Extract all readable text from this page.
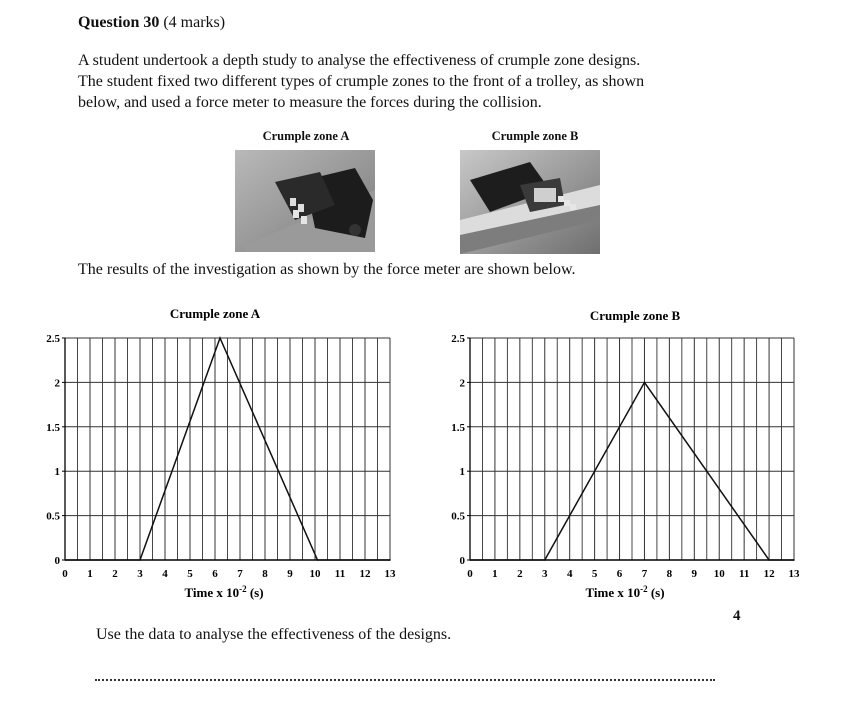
Question 30 (4 marks)
A student undertook a depth study to analyse the effectiveness of crumple zone designs.
The student fixed two different types of crumple zones to the front of a trolley, as shown
below, and used a force meter to measure the forces during the collision.
Crumple zone A	Crumple zone B
The results of the investigation as shown by the force meter are shown below.
Crumple zone A
0
0.5
1
1.5
2
2.5
0 1 2 3 4 5 6 7 8 9 10 11 12 13
Time x $10^{-2}$ (s)
Crumple zone B
0
0.5
1
1.5
2
2.5
0 1 2 3 4 5 6 7 8 9 10 11 12 13
Time x $10^{-2}$ (s)
Use the data to analyse the effectiveness of the designs.
4
